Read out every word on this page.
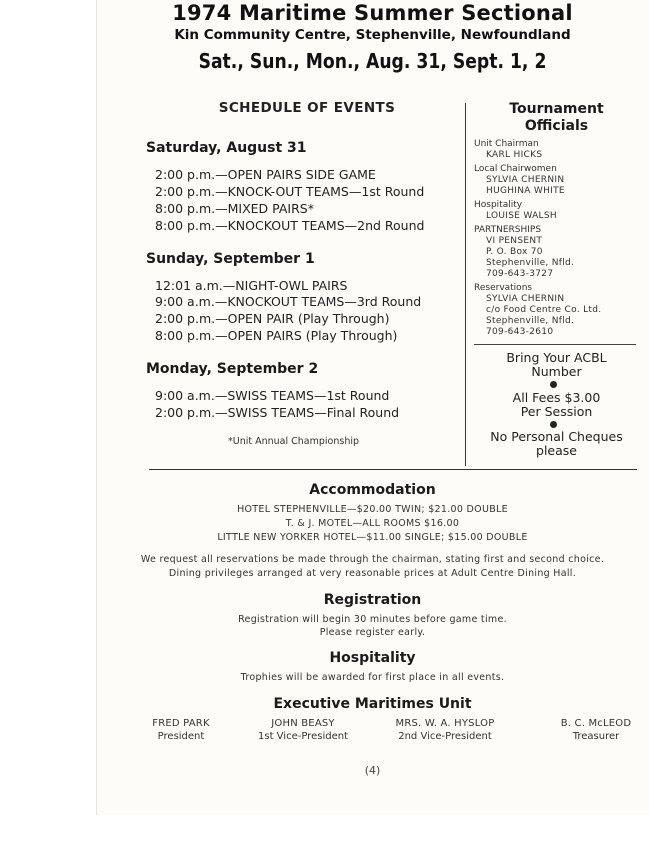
1974 Maritime Summer Sectional
Kin Community Centre, Stephenville, Newfoundland
Sat., Sun., Mon., Aug. 31, Sept. 1, 2
SCHEDULE OF EVENTS
Saturday, August 31
2:00 p.m.—OPEN PAIRS SIDE GAME
2:00 p.m.—KNOCK-OUT TEAMS—1st Round
8:00 p.m.—MIXED PAIRS*
8:00 p.m.—KNOCKOUT TEAMS—2nd Round
Sunday, September 1
12:01 a.m.—NIGHT-OWL PAIRS
9:00 a.m.—KNOCKOUT TEAMS—3rd Round
2:00 p.m.—OPEN PAIR (Play Through)
8:00 p.m.—OPEN PAIRS (Play Through)
Monday, September 2
9:00 a.m.—SWISS TEAMS—1st Round
2:00 p.m.—SWISS TEAMS—Final Round
*Unit Annual Championship
Tournament
Officials
Unit Chairman
KARL HICKS
Local Chairwomen
SYLVIA CHERNIN
HUGHINA WHITE
Hospitality
LOUISE WALSH
PARTNERSHIPS
VI PENSENT
P. O. Box 70
Stephenville, Nfld.
709-643-3727
Reservations
SYLVIA CHERNIN
c/o Food Centre Co. Ltd.
Stephenville, Nfld.
709-643-2610
Bring Your ACBL
Number
All Fees $3.00
Per Session
No Personal Cheques
please
Accommodation
HOTEL STEPHENVILLE—$20.00 TWIN; $21.00 DOUBLE
T. & J. MOTEL—ALL ROOMS $16.00
LITTLE NEW YORKER HOTEL—$11.00 SINGLE; $15.00 DOUBLE
We request all reservations be made through the chairman, stating first and second choice.
Dining privileges arranged at very reasonable prices at Adult Centre Dining Hall.
Registration
Registration will begin 30 minutes before game time.
Please register early.
Hospitality
Trophies will be awarded for first place in all events.
Executive Maritimes Unit
FRED PARK
President
JOHN BEASY
1st Vice-President
MRS. W. A. HYSLOP
2nd Vice-President
B. C. McLEOD
Treasurer
(4)
